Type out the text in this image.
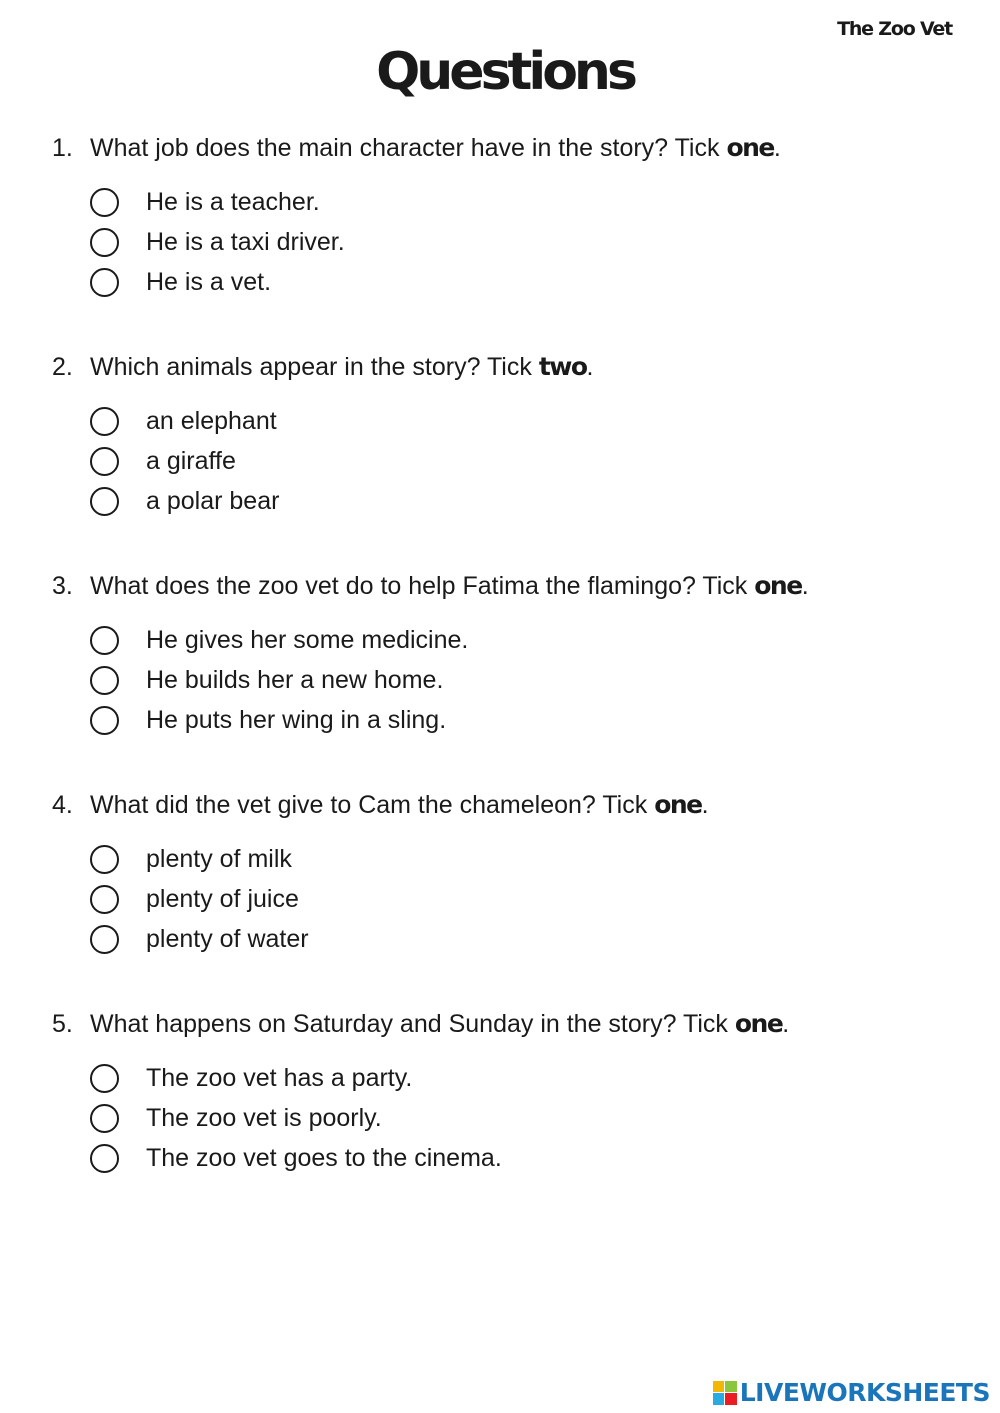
The Zoo Vet
Questions
1. What job does the main character have in the story? Tick one.
He is a teacher.
He is a taxi driver.
He is a vet.
2. Which animals appear in the story? Tick two.
an elephant
a giraffe
a polar bear
3. What does the zoo vet do to help Fatima the flamingo? Tick one.
He gives her some medicine.
He builds her a new home.
He puts her wing in a sling.
4. What did the vet give to Cam the chameleon? Tick one.
plenty of milk
plenty of juice
plenty of water
5. What happens on Saturday and Sunday in the story? Tick one.
The zoo vet has a party.
The zoo vet is poorly.
The zoo vet goes to the cinema.
LIVEWORKSHEETS
